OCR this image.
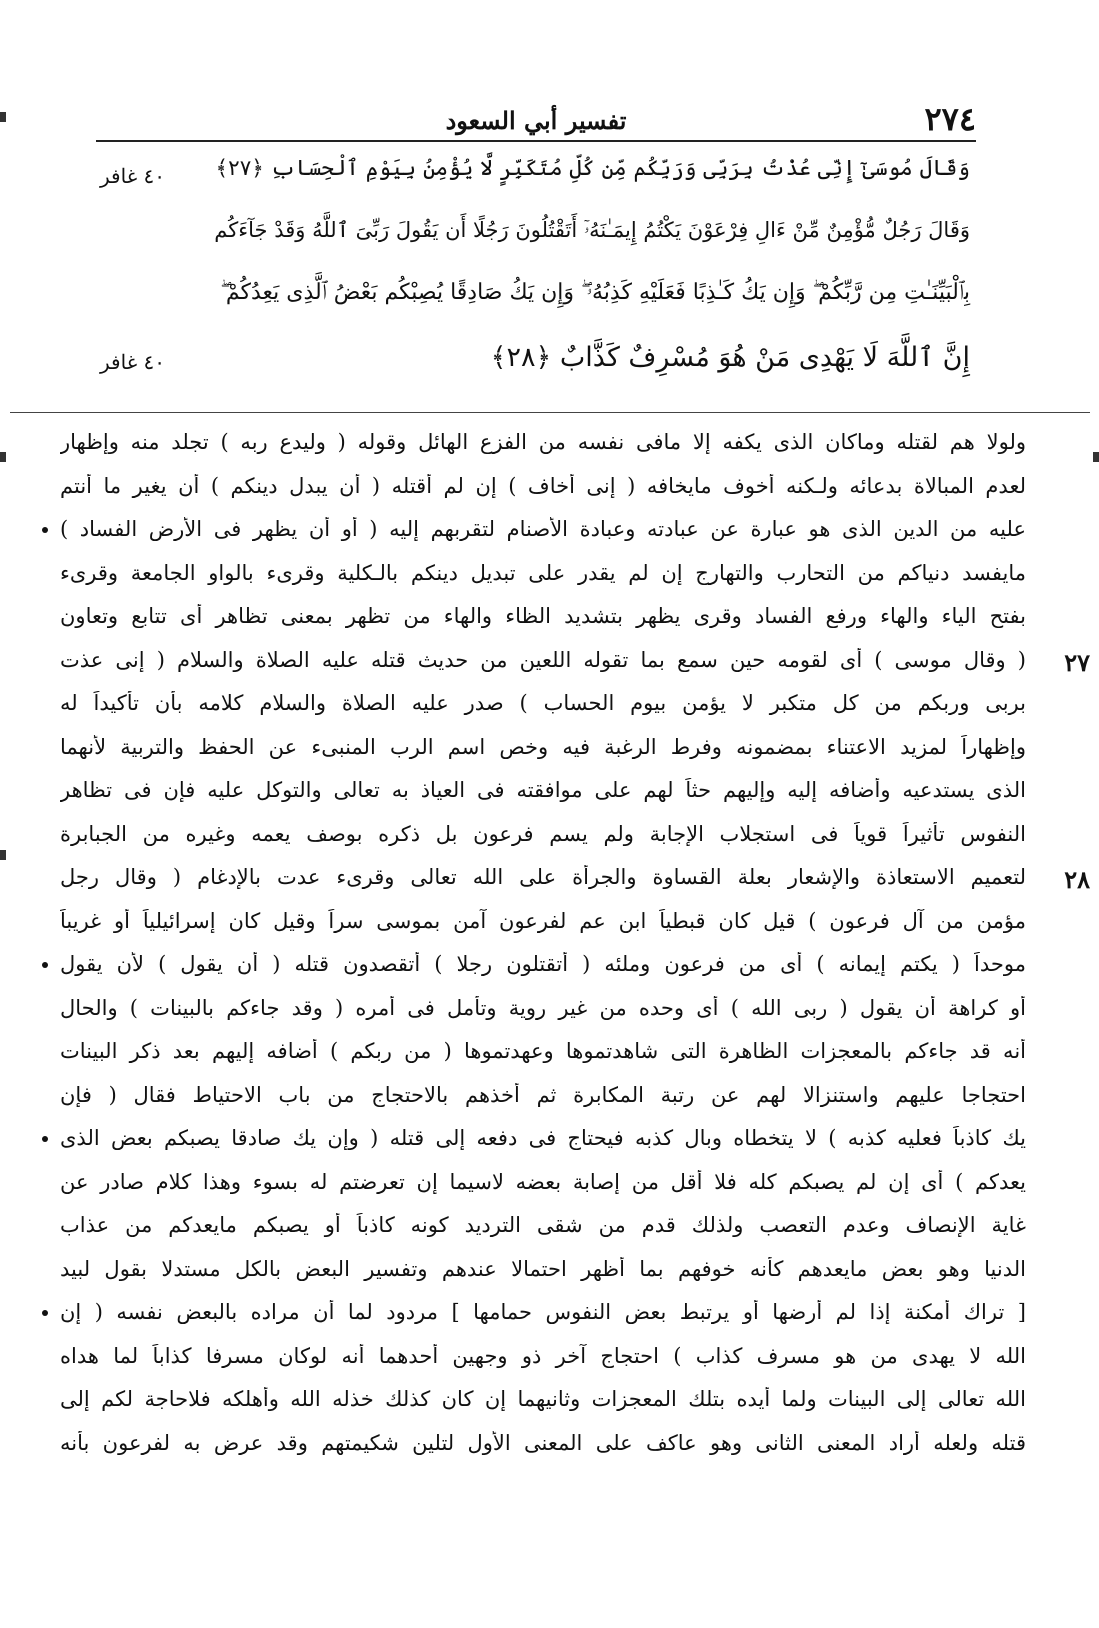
٢٧٤
تفسير أبي السعود
وَقَالَ مُوسَىٰٓ إِنِّى عُذْتُ بِرَبِّى وَرَبِّكُم مِّن كُلِّ مُتَكَبِّرٍ لَّا يُؤْمِنُ بِيَوْمِ ٱلْحِسَابِ ﴿٢٧﴾
٤٠ غافر
وَقَالَ رَجُلٌ مُّؤْمِنٌ مِّنْ ءَالِ فِرْعَوْنَ يَكْتُمُ إِيمَـٰنَهُۥٓ أَتَقْتُلُونَ رَجُلًا أَن يَقُولَ رَبِّىَ ٱللَّهُ وَقَدْ جَآءَكُم
بِٱلْبَيِّنَـٰتِ مِن رَّبِّكُمْ ۖ وَإِن يَكُ كَـٰذِبًا فَعَلَيْهِ كَذِبُهُۥ ۖ وَإِن يَكُ صَادِقًا يُصِبْكُم بَعْضُ ٱلَّذِى يَعِدُكُمْ ۖ
إِنَّ ٱللَّهَ لَا يَهْدِى مَنْ هُوَ مُسْرِفٌ كَذَّابٌ ﴿٢٨﴾
٤٠ غافر
ولولا هم لقتله وماكان الذى يكفه إلا مافى نفسه من الفزع الهائل وقوله ( وليدع ربه ) تجلد منه وإظهار
لعدم المبالاة بدعائه ولـكنه أخوف مايخافه ( إنى أخاف ) إن لم أقتله ( أن يبدل دينكم ) أن يغير ما أنتم
عليه من الدين الذى هو عبارة عن عبادته وعبادة الأصنام لتقربهم إليه ( أو أن يظهر فى الأرض الفساد )
مايفسد دنياكم من التحارب والتهارج إن لم يقدر على تبديل دينكم بالـكلية وقرىء بالواو الجامعة وقرىء
بفتح الياء والهاء ورفع الفساد وقرى يظهر بتشديد الظاء والهاء من تظهر بمعنى تظاهر أى تتابع وتعاون
( وقال موسى ) أى لقومه حين سمع بما تقوله اللعين من حديث قتله عليه الصلاة والسلام ( إنى عذت ٢٧
بربى وربكم من كل متكبر لا يؤمن بيوم الحساب ) صدر عليه الصلاة والسلام كلامه بأن تأكيداً له
وإظهاراً لمزيد الاعتناء بمضمونه وفرط الرغبة فيه وخص اسم الرب المنبىء عن الحفظ والتربية لأنهما
الذى يستدعيه وأضافه إليه وإليهم حثاً لهم على موافقته فى العياذ به تعالى والتوكل عليه فإن فى تظاهر
النفوس تأثيراً قوياً فى استجلاب الإجابة ولم يسم فرعون بل ذكره بوصف يعمه وغيره من الجبابرة
لتعميم الاستعاذة والإشعار بعلة القساوة والجرأة على الله تعالى وقرىء عدت بالإدغام ( وقال رجل ٢٨
مؤمن من آل فرعون ) قيل كان قبطياً ابن عم لفرعون آمن بموسى سراً وقيل كان إسرائيلياً أو غريباً
موحداً ( يكتم إيمانه ) أى من فرعون وملئه ( أتقتلون رجلا ) أتقصدون قتله ( أن يقول ) لأن يقول
أو كراهة أن يقول ( ربى الله ) أى وحده من غير روية وتأمل فى أمره ( وقد جاءكم بالبينات ) والحال
أنه قد جاءكم بالمعجزات الظاهرة التى شاهدتموها وعهدتموها ( من ربكم ) أضافه إليهم بعد ذكر البينات
احتجاجا عليهم واستنزالا لهم عن رتبة المكابرة ثم أخذهم بالاحتجاج من باب الاحتياط فقال ( فإن
يك كاذباً فعليه كذبه ) لا يتخطاه وبال كذبه فيحتاج فى دفعه إلى قتله ( وإن يك صادقا يصبكم بعض الذى
يعدكم ) أى إن لم يصبكم كله فلا أقل من إصابة بعضه لاسيما إن تعرضتم له بسوء وهذا كلام صادر عن
غاية الإنصاف وعدم التعصب ولذلك قدم من شقى الترديد كونه كاذباً أو يصبكم مايعدكم من عذاب
الدنيا وهو بعض مايعدهم كأنه خوفهم بما أظهر احتمالا عندهم وتفسير البعض بالكل مستدلا بقول لبيد
[ تراك أمكنة إذا لم أرضها أو يرتبط بعض النفوس حمامها ] مردود لما أن مراده بالبعض نفسه ( إن
الله لا يهدى من هو مسرف كذاب ) احتجاج آخر ذو وجهين أحدهما أنه لوكان مسرفا كذاباً لما هداه
الله تعالى إلى البينات ولما أيده بتلك المعجزات وثانيهما إن كان كذلك خذله الله وأهلكه فلاحاجة لكم إلى
قتله ولعله أراد المعنى الثانى وهو عاكف على المعنى الأول لتلين شكيمتهم وقد عرض به لفرعون بأنه
